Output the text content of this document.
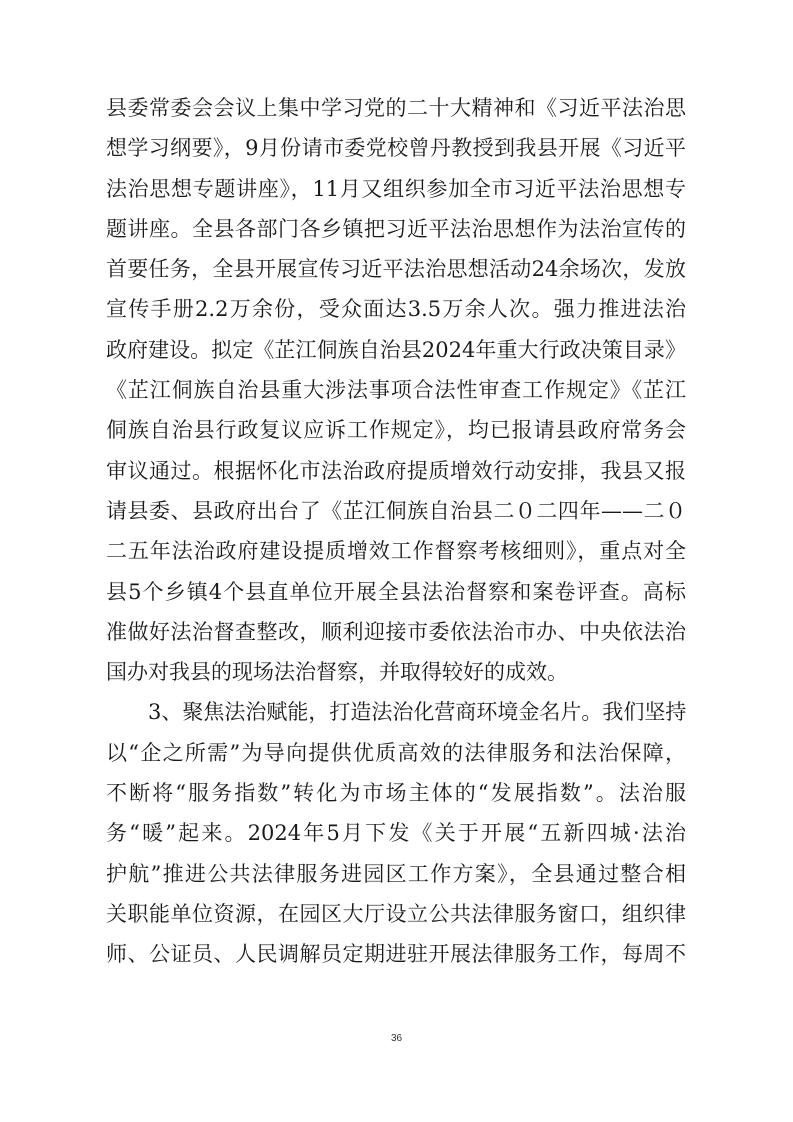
县委常委会会议上集中学习党的二十大精神和《习近平法治思
想学习纲要》，9月份请市委党校曾丹教授到我县开展《习近平
法治思想专题讲座》，11月又组织参加全市习近平法治思想专
题讲座。全县各部门各乡镇把习近平法治思想作为法治宣传的
首要任务，全县开展宣传习近平法治思想活动24余场次，发放
宣传手册2.2万余份，受众面达3.5万余人次。强力推进法治
政府建设。拟定《芷江侗族自治县2024年重大行政决策目录》
《芷江侗族自治县重大涉法事项合法性审查工作规定》《芷江
侗族自治县行政复议应诉工作规定》，均已报请县政府常务会
审议通过。根据怀化市法治政府提质增效行动安排，我县又报
请县委、县政府出台了《芷江侗族自治县二０二四年——二０
二五年法治政府建设提质增效工作督察考核细则》，重点对全
县5个乡镇4个县直单位开展全县法治督察和案卷评查。高标
准做好法治督查整改，顺利迎接市委依法治市办、中央依法治
国办对我县的现场法治督察，并取得较好的成效。
3、聚焦法治赋能，打造法治化营商环境金名片。我们坚持
以“企之所需”为导向提供优质高效的法律服务和法治保障，
不断将“服务指数”转化为市场主体的“发展指数”。法治服
务“暖”起来。2024年5月下发《关于开展“五新四城·法治
护航”推进公共法律服务进园区工作方案》，全县通过整合相
关职能单位资源，在园区大厅设立公共法律服务窗口，组织律
师、公证员、人民调解员定期进驻开展法律服务工作，每周不
36
